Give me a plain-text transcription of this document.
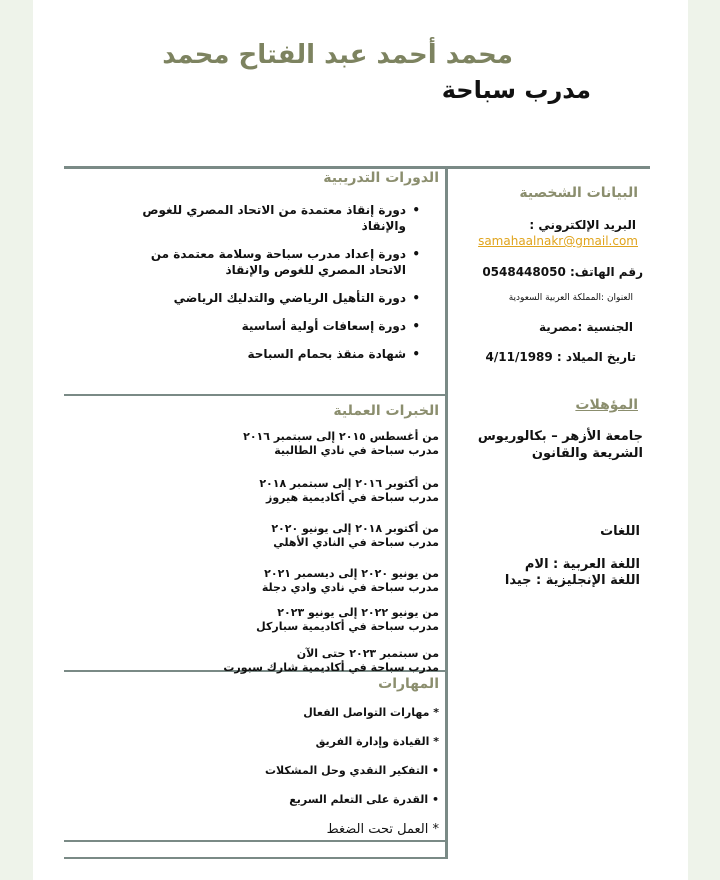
محمد أحمد عبد الفتاح محمد
مدرب سباحة
الدورات التدريبية
• دورة إنقاذ معتمدة من الاتحاد المصري للغوص والإنقاذ
• دورة إعداد مدرب سباحة وسلامة معتمدة من الاتحاد المصري للغوص والإنقاذ
• دورة التأهيل الرياضي والتدليك الرياضي
• دورة إسعافات أولية أساسية
• شهادة منقذ بحمام السباحة
الخبرات العملية
من أغسطس ٢٠١٥ إلى سبتمبر ٢٠١٦
مدرب سباحة في نادي الطالبية
من أكتوبر ٢٠١٦ إلى سبتمبر ٢٠١٨
مدرب سباحة في أكاديمية هيروز
من أكتوبر ٢٠١٨ إلى يونيو ٢٠٢٠
مدرب سباحة في النادي الأهلي
من يونيو ٢٠٢٠ إلى ديسمبر ٢٠٢١
مدرب سباحة في نادي وادي دجلة
من يونيو ٢٠٢٢ إلى يونيو ٢٠٢٣
مدرب سباحة في أكاديمية سباركل
من سبتمبر ٢٠٢٣ حتى الآن
مدرب سباحة في أكاديمية شارك سبورت
المهارات
* مهارات التواصل الفعال
* القيادة وإدارة الفريق
• التفكير النقدي وحل المشكلات
• القدرة على التعلم السريع
* العمل تحت الضغط
البيانات الشخصية
البريد الإلكتروني :
samahaalnakr@gmail.com
رقم الهاتف: 0548448050
العنوان :المملكة العربية السعودية
الجنسية :مصرية
تاريخ الميلاد : 4/11/1989
المؤهلات
جامعة الأزهر – بكالوريوس الشريعة والقانون
اللغات
اللغة العربية : الام
اللغة الإنجليزية : جيدا
